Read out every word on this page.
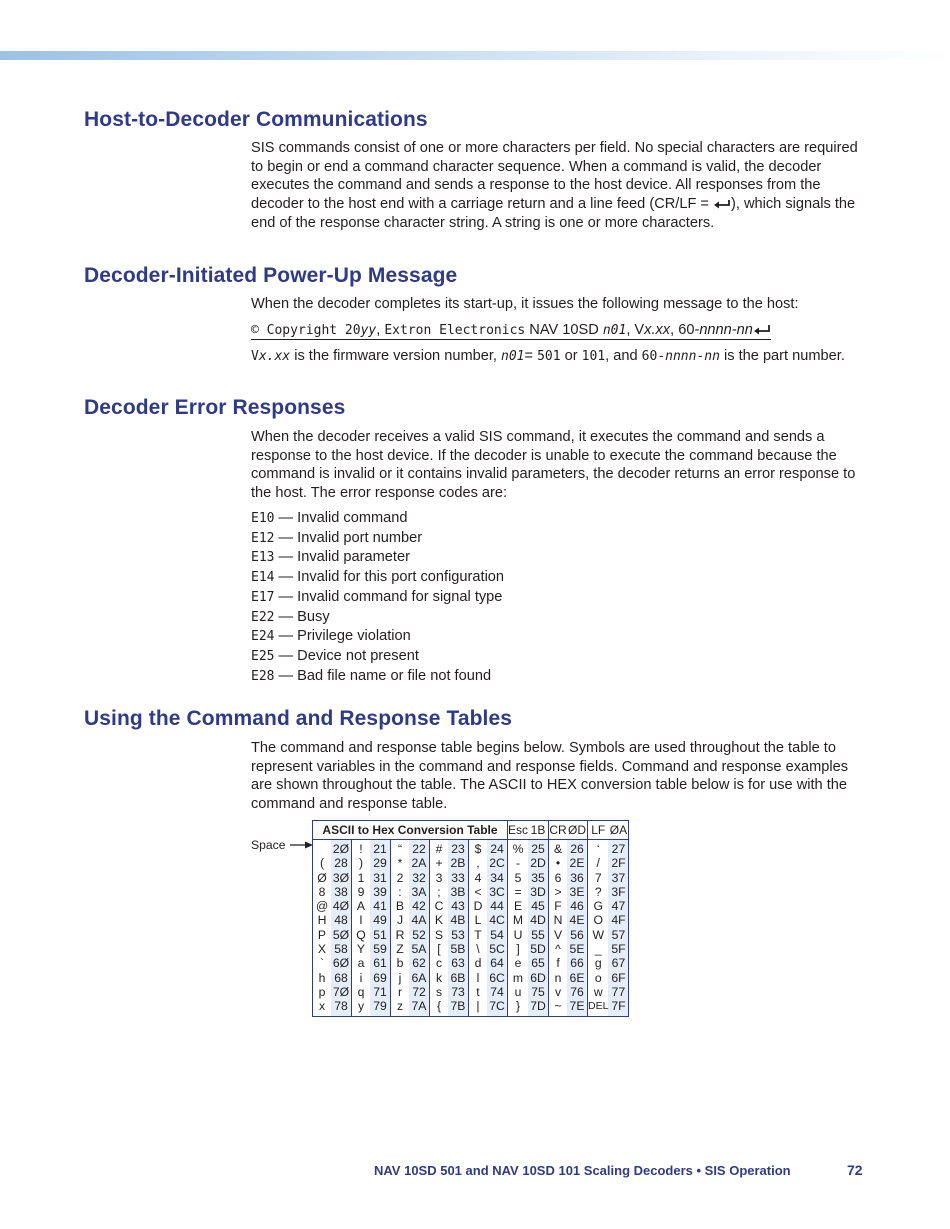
Host-to-Decoder Communications

SIS commands consist of one or more characters per field. No special characters are required to begin or end a command character sequence. When a command is valid, the decoder executes the command and sends a response to the host device. All responses from the decoder to the host end with a carriage return and a line feed (CR/LF = ), which signals the end of the response character string. A string is one or more characters.

Decoder-Initiated Power-Up Message

When the decoder completes its start-up, it issues the following message to the host:

© Copyright 20yy, Extron Electronics NAV 10SD n01, Vx.xx, 60-nnnn-nn

Vx.xx is the firmware version number, n01= 501 or 101, and 60-nnnn-nn is the part number.

Decoder Error Responses

When the decoder receives a valid SIS command, it executes the command and sends a response to the host device. If the decoder is unable to execute the command because the command is invalid or it contains invalid parameters, the decoder returns an error response to the host. The error response codes are:

E10 — Invalid command
E12 — Invalid port number
E13 — Invalid parameter
E14 — Invalid for this port configuration
E17 — Invalid command for signal type
E22 — Busy
E24 — Privilege violation
E25 — Device not present
E28 — Bad file name or file not found
Using the Command and Response Tables

The command and response table begins below. Symbols are used throughout the table to represent variables in the command and response fields. Command and response examples are shown throughout the table. The ASCII to HEX conversion table below is for use with the command and response table.

Space
ASCII to Hex Conversion Table										Esc	1B	CR	ØD	LF	ØA
	2Ø	!	21	“	22	#	23	$	24	%	25	&	26	‘	27
(	28	)	29	*	2A	+	2B	,	2C	-	2D	•	2E	/	2F
Ø	3Ø	1	31	2	32	3	33	4	34	5	35	6	36	7	37
8	38	9	39	:	3A	;	3B	<	3C	=	3D	>	3E	?	3F
@	4Ø	A	41	B	42	C	43	D	44	E	45	F	46	G	47
H	48	I	49	J	4A	K	4B	L	4C	M	4D	N	4E	O	4F
P	5Ø	Q	51	R	52	S	53	T	54	U	55	V	56	W	57
X	58	Y	59	Z	5A	[	5B	\	5C	]	5D	^	5E	_	5F
`	6Ø	a	61	b	62	c	63	d	64	e	65	f	66	g	67
h	68	i	69	j	6A	k	6B	l	6C	m	6D	n	6E	o	6F
p	7Ø	q	71	r	72	s	73	t	74	u	75	v	76	w	77
x	78	y	79	z	7A	{	7B	|	7C	}	7D	~	7E	DEL	7F
NAV 10SD 501 and NAV 10SD 101 Scaling Decoders • SIS Operation	72
